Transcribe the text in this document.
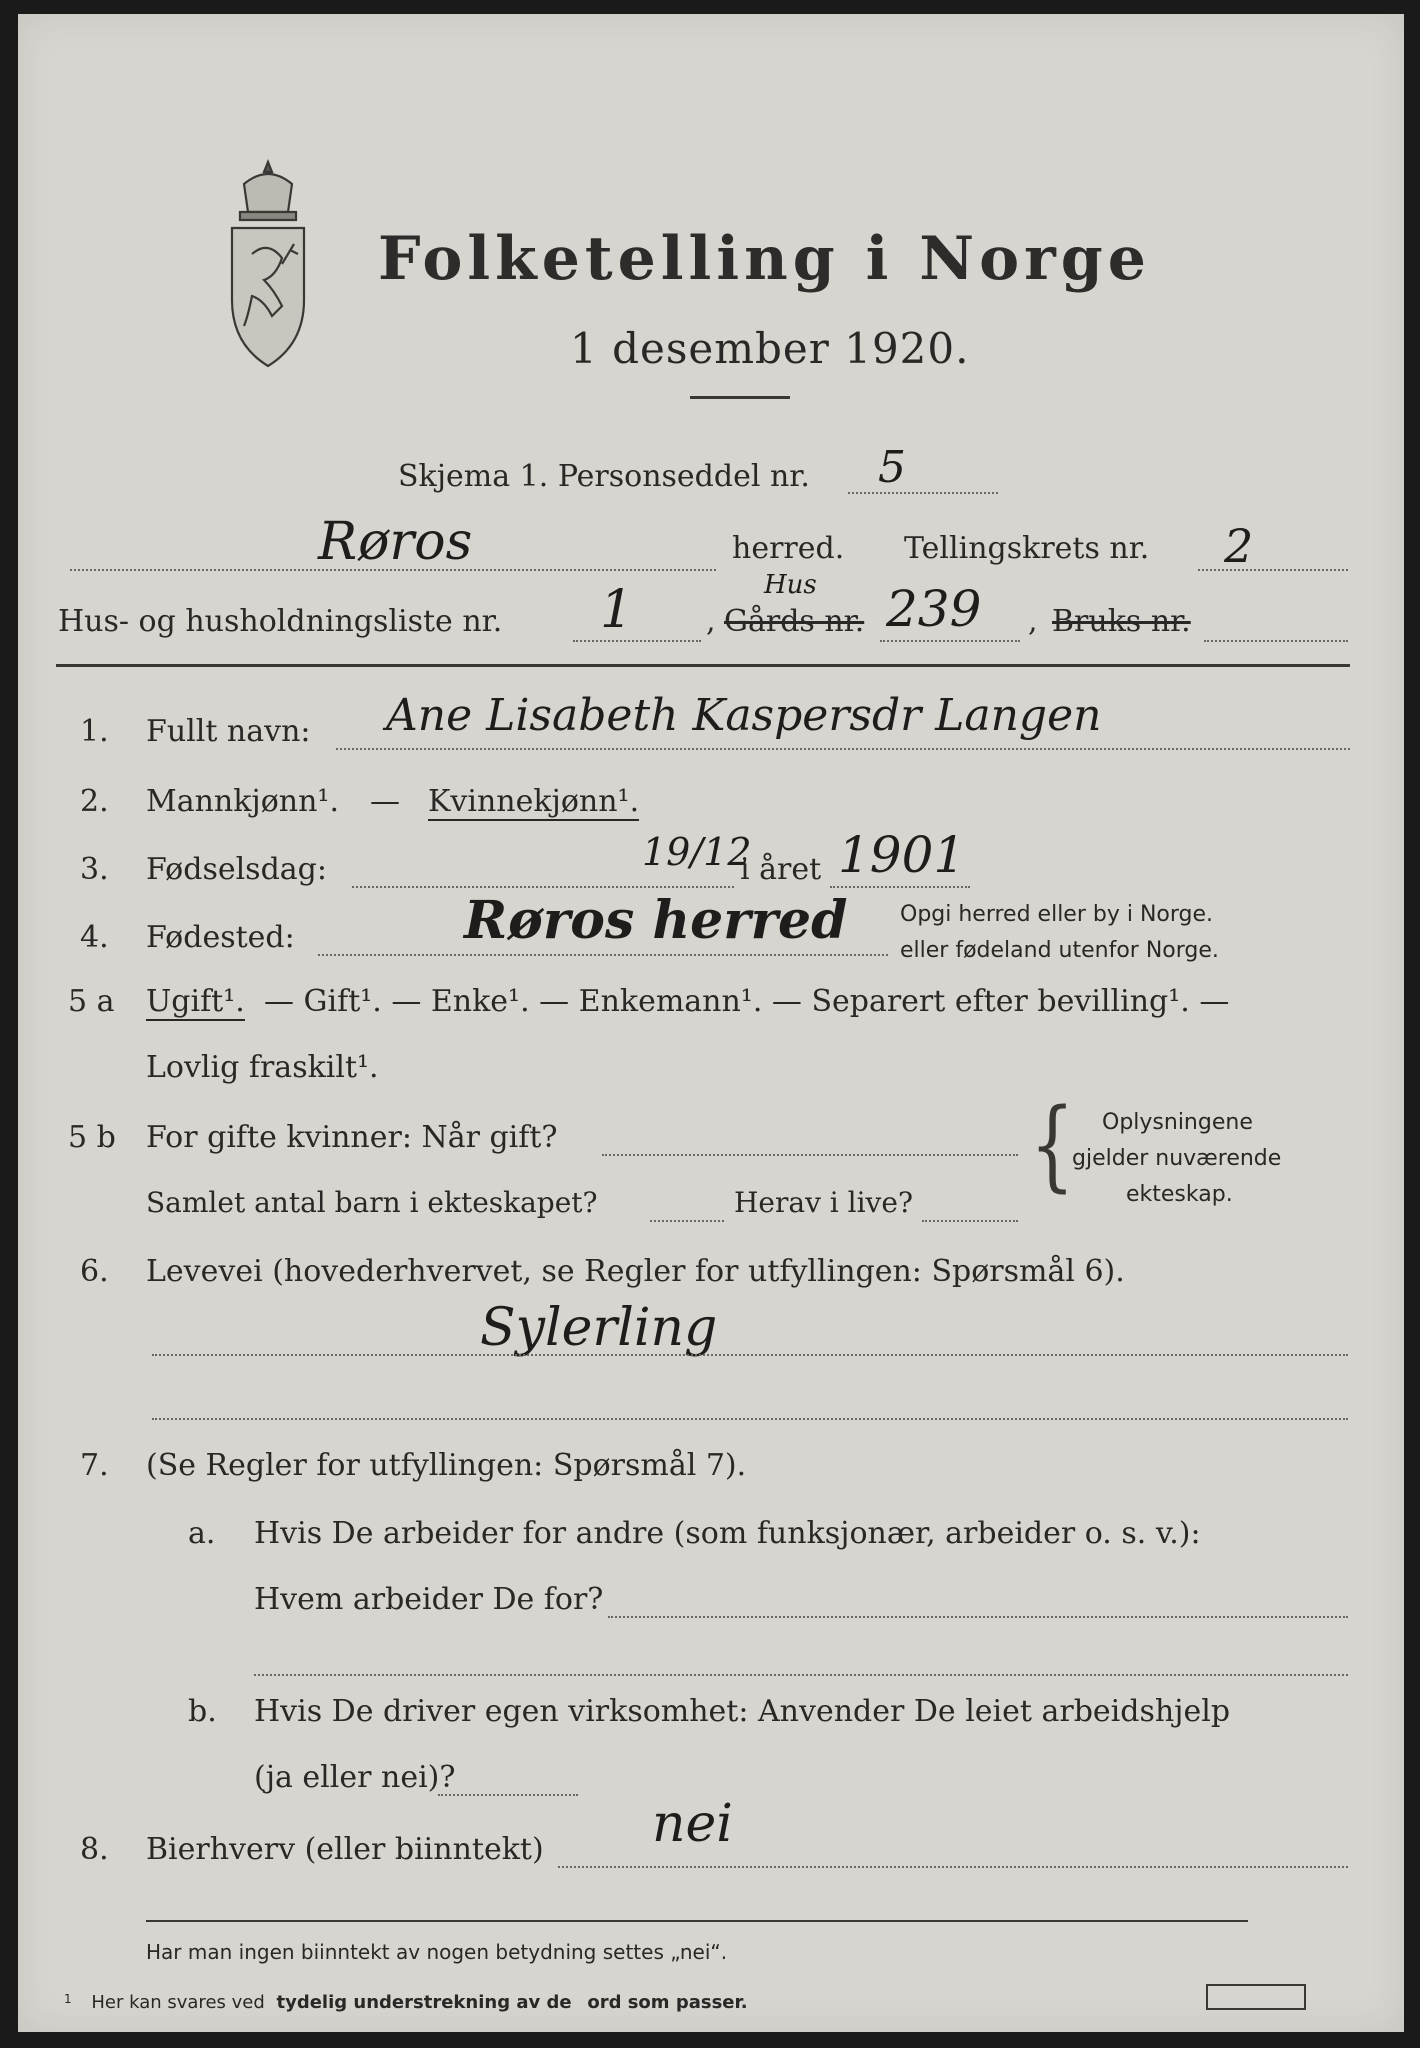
Folketelling i Norge
1 desember 1920.
Skjema 1. Personseddel nr. 5
Røros	herred. Tellingskrets nr. 2
Hus- og husholdningsliste nr. 1 , Gårds nr.
Hus 239 , Bruks nr.
1. Fullt navn: Ane Lisabeth Kaspersdr Langen
2. Mannkjønn¹. — Kvinnekjønn¹.
3. Fødselsdag:	19/12
i året 1901
4. Fødested:	Røros herred Opgi herred eller by i Norge.
eller fødeland utenfor Norge.
5 a Ugift¹. — Gift¹. — Enke¹. — Enkemann¹. — Separert efter bevilling¹. —
Lovlig fraskilt¹.
5 b For gifte kvinner: Når gift?
Samlet antal barn i ekteskapet?	Herav i live?
{ Oplysningene
gjelder nuværende
ekteskap.
6. Levevei (hovederhvervet, se Regler for utfyllingen: Spørsmål 6).
Sylerling
7. (Se Regler for utfyllingen: Spørsmål 7).
a. Hvis De arbeider for andre (som funksjonær, arbeider o. s. v.):
Hvem arbeider De for?
b. Hvis De driver egen virksomhet: Anvender De leiet arbeidshjelp
(ja eller nei)?
8. Bierhverv (eller biinntekt) nei
Har man ingen biinntekt av nogen betydning settes „nei“.
$^1$ Her kan svares ved tydelig understrekning av de ord som passer.
